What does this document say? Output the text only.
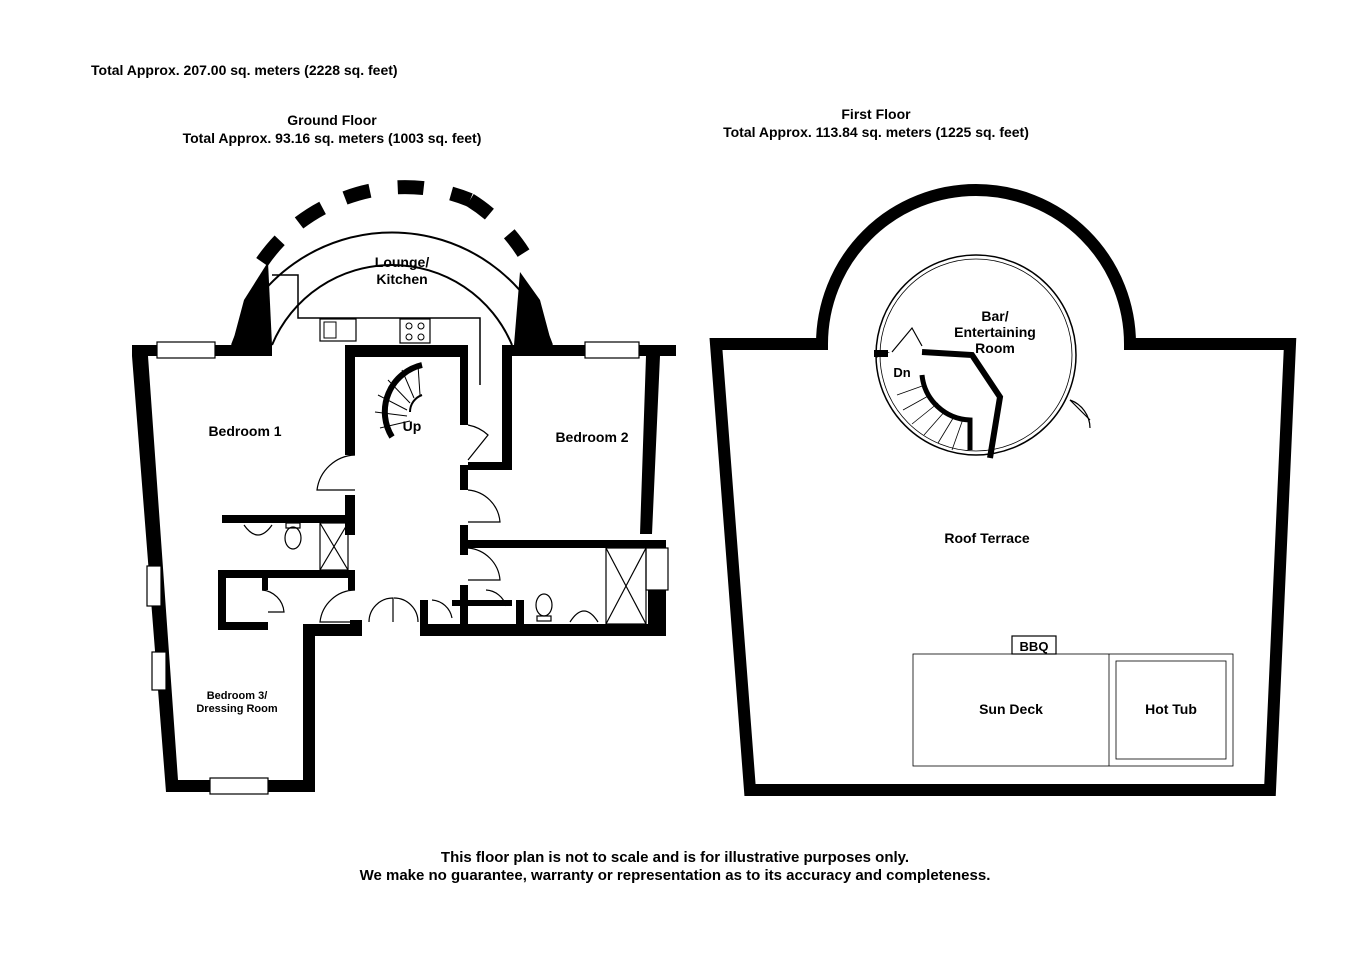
Total Approx. 207.00 sq. meters (2228 sq. feet)
Ground Floor
Total Approx. 93.16 sq. meters (1003 sq. feet)
First Floor
Total Approx. 113.84 sq. meters (1225 sq. feet)
Lounge/
Kitchen
Bedroom 1	Bedroom 2
Bedroom 3/
Dressing Room
Up
Bar/
Entertaining
Room
Dn
Roof Terrace
BBQ
Sun Deck	Hot Tub
This floor plan is not to scale and is for illustrative purposes only.
We make no guarantee, warranty or representation as to its accuracy and completeness.
